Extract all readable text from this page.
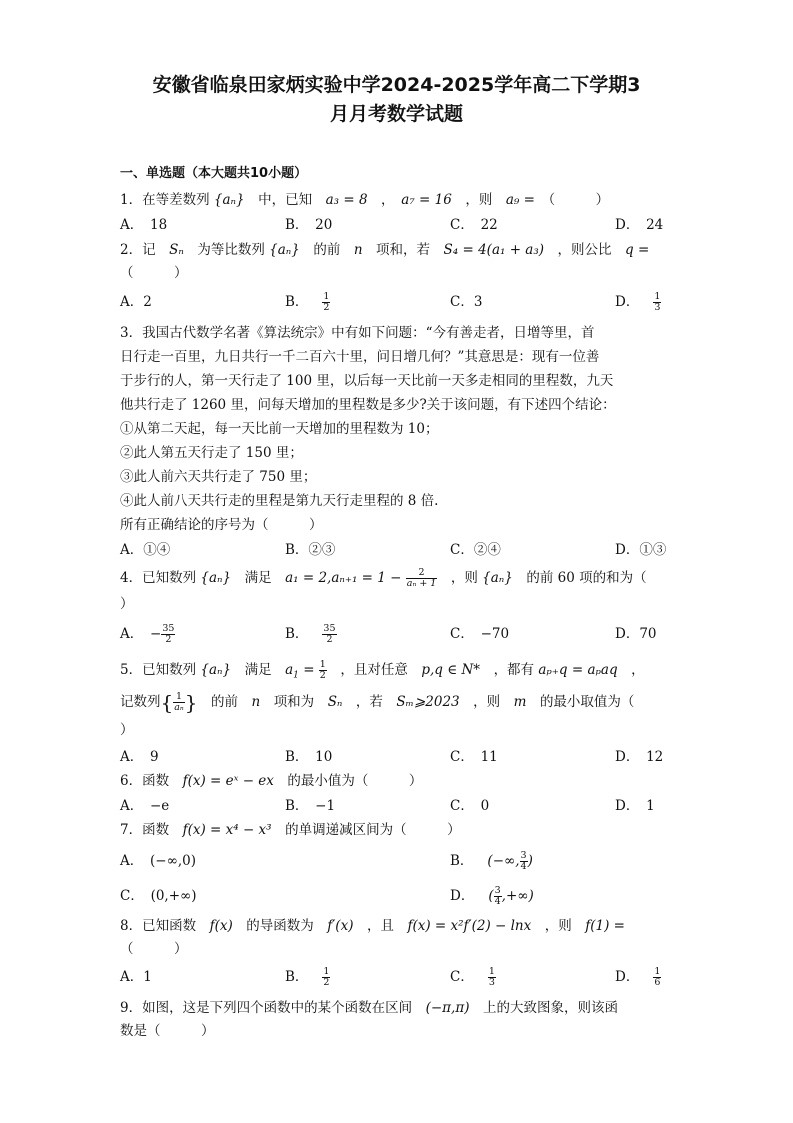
安徽省临泉田家炳实验中学2024-2025学年高二下学期3
月月考数学试题
一、单选题（本大题共10小题）
1．在等差数列 {aₙ}　 中，已知　 a₃ = 8　，　a₇ = 16　 ，则　 a₉ =　 （　　　）
A．　18	B．　20	C．　22	D．　24
2．记　 Sₙ　 为等比数列 {aₙ}　 的前　 n　 项和，若　 S₄ = 4(a₁ + a₃)　 ，则公比　 q =
（　　　）
A．2	B． $\frac{1}{2}$	C．3	D． $\frac{1}{3}$
3．我国古代数学名著《算法统宗》中有如下问题：“今有善走者，日增等里，首
日行走一百里，九日共行一千二百六十里，问日增几何？”其意思是：现有一位善
于步行的人，第一天行走了 100 里，以后每一天比前一天多走相同的里程数，九天
他共行走了 1260 里，问每天增加的里程数是多少?关于该问题，有下述四个结论：
①从第二天起，每一天比前一天增加的里程数为 10；
②此人第五天行走了 150 里；
③此人前六天共行走了 750 里；
④此人前八天共行走的里程是第九天行走里程的 8 倍.
所有正确结论的序号为（　　　）
A．①④	B．②③	C．②④	D．①③
4．已知数列 {aₙ}　 满足　 $a_1 = 2,a_{n+1} = 1 - \frac{2}{\text{aₙ + 1}}$
　 ，则 {aₙ}　 的前 60 项的和为（
）
A．　− $\frac{35}{2}$	B． $\frac{35}{2}$	C．　−70	D．70
5．已知数列 {aₙ}　 满足　 $a_1 = \frac{1}{2}$
　 ，且对任意　 p,q ∈ N*　 ，都有 aₚ₊q = aₚaq　 ，
记数列{ $\frac{1}{\text{aₙ}}$ }　 的前　 n　 项和为　 Sₙ　 ，若　 Sₘ⩾2023　 ，则　 m　 的最小取值为（
）
A．　9	B．　10	C．　11	D．　12
6．函数　 f(x) = eˣ − ex　 的最小值为（　　　）
A．　−e	B．　−1	C．　0	D．　1
7．函数　 f(x) = x⁴ − x³　 的单调递减区间为（　　　）
A．　(−∞,0)	B． (−∞, $\frac{3}{4}$ )
C．　(0,+∞)	D． ( $\frac{3}{4}$ ,+∞)
8．已知函数　 f(x)　 的导函数为　 f′(x)　 ，且　 f(x) = x²f′(2) − lnx　 ，则　 f(1) =
（　　　）
A．1	B． $\frac{1}{2}$	C． $\frac{1}{3}$	D． $\frac{1}{6}$
9．如图，这是下列四个函数中的某个函数在区间　 (−π,π)　 上的大致图象，则该函
数是（　　　）
